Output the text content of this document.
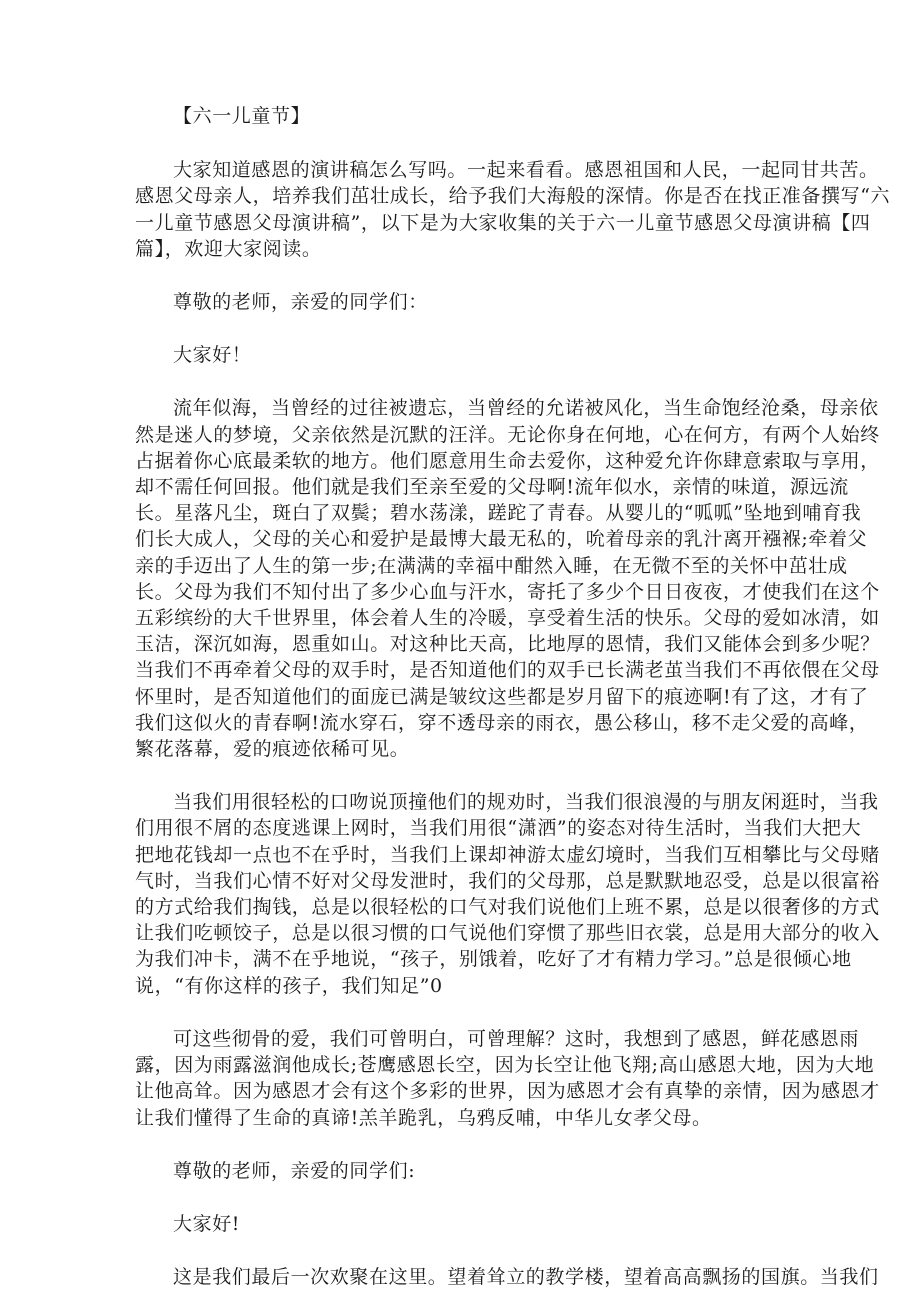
【六一儿童节】

大家知道感恩的演讲稿怎么写吗。一起来看看。感恩祖国和人民，一起同甘共苦。

感恩父母亲人，培养我们茁壮成长，给予我们大海般的深情。你是否在找正准备撰写“六

一儿童节感恩父母演讲稿”，以下是为大家收集的关于六一儿童节感恩父母演讲稿【四

篇】，欢迎大家阅读。

尊敬的老师，亲爱的同学们：

大家好！

流年似海，当曾经的过往被遗忘，当曾经的允诺被风化，当生命饱经沧桑，母亲依

然是迷人的梦境，父亲依然是沉默的汪洋。无论你身在何地，心在何方，有两个人始终

占据着你心底最柔软的地方。他们愿意用生命去爱你，这种爱允许你肆意索取与享用，

却不需任何回报。他们就是我们至亲至爱的父母啊!流年似水，亲情的味道，源远流

长。星落凡尘，斑白了双鬓；碧水荡漾，蹉跎了青春。从婴儿的“呱呱”坠地到哺育我

们长大成人，父母的关心和爱护是最博大最无私的，吮着母亲的乳汁离开襁褓;牵着父

亲的手迈出了人生的第一步;在满满的幸福中酣然入睡，在无微不至的关怀中茁壮成

长。父母为我们不知付出了多少心血与汗水，寄托了多少个日日夜夜，才使我们在这个

五彩缤纷的大千世界里，体会着人生的冷暖，享受着生活的快乐。父母的爱如冰清，如

玉洁，深沉如海，恩重如山。对这种比天高，比地厚的恩情，我们又能体会到多少呢？

当我们不再牵着父母的双手时，是否知道他们的双手已长满老茧当我们不再依偎在父母

怀里时，是否知道他们的面庞已满是皱纹这些都是岁月留下的痕迹啊!有了这，才有了

我们这似火的青春啊!流水穿石，穿不透母亲的雨衣，愚公移山，移不走父爱的高峰，

繁花落幕，爱的痕迹依稀可见。

当我们用很轻松的口吻说顶撞他们的规劝时，当我们很浪漫的与朋友闲逛时，当我

们用很不屑的态度逃课上网时，当我们用很“潇洒”的姿态对待生活时，当我们大把大

把地花钱却一点也不在乎时，当我们上课却神游太虚幻境时，当我们互相攀比与父母赌

气时，当我们心情不好对父母发泄时，我们的父母那，总是默默地忍受，总是以很富裕

的方式给我们掏钱，总是以很轻松的口气对我们说他们上班不累，总是以很奢侈的方式

让我们吃顿饺子，总是以很习惯的口气说他们穿惯了那些旧衣裳，总是用大部分的收入

为我们冲卡，满不在乎地说，“孩子，别饿着，吃好了才有精力学习。”总是很倾心地

说，“有你这样的孩子，我们知足”0

可这些彻骨的爱，我们可曾明白，可曾理解？这时，我想到了感恩，鲜花感恩雨

露，因为雨露滋润他成长;苍鹰感恩长空，因为长空让他飞翔;高山感恩大地，因为大地

让他高耸。因为感恩才会有这个多彩的世界，因为感恩才会有真挚的亲情，因为感恩才

让我们懂得了生命的真谛!羔羊跪乳，乌鸦反哺，中华儿女孝父母。

尊敬的老师，亲爱的同学们:

大家好!

这是我们最后一次欢聚在这里。望着耸立的教学楼，望着高高飘扬的国旗。当我们
